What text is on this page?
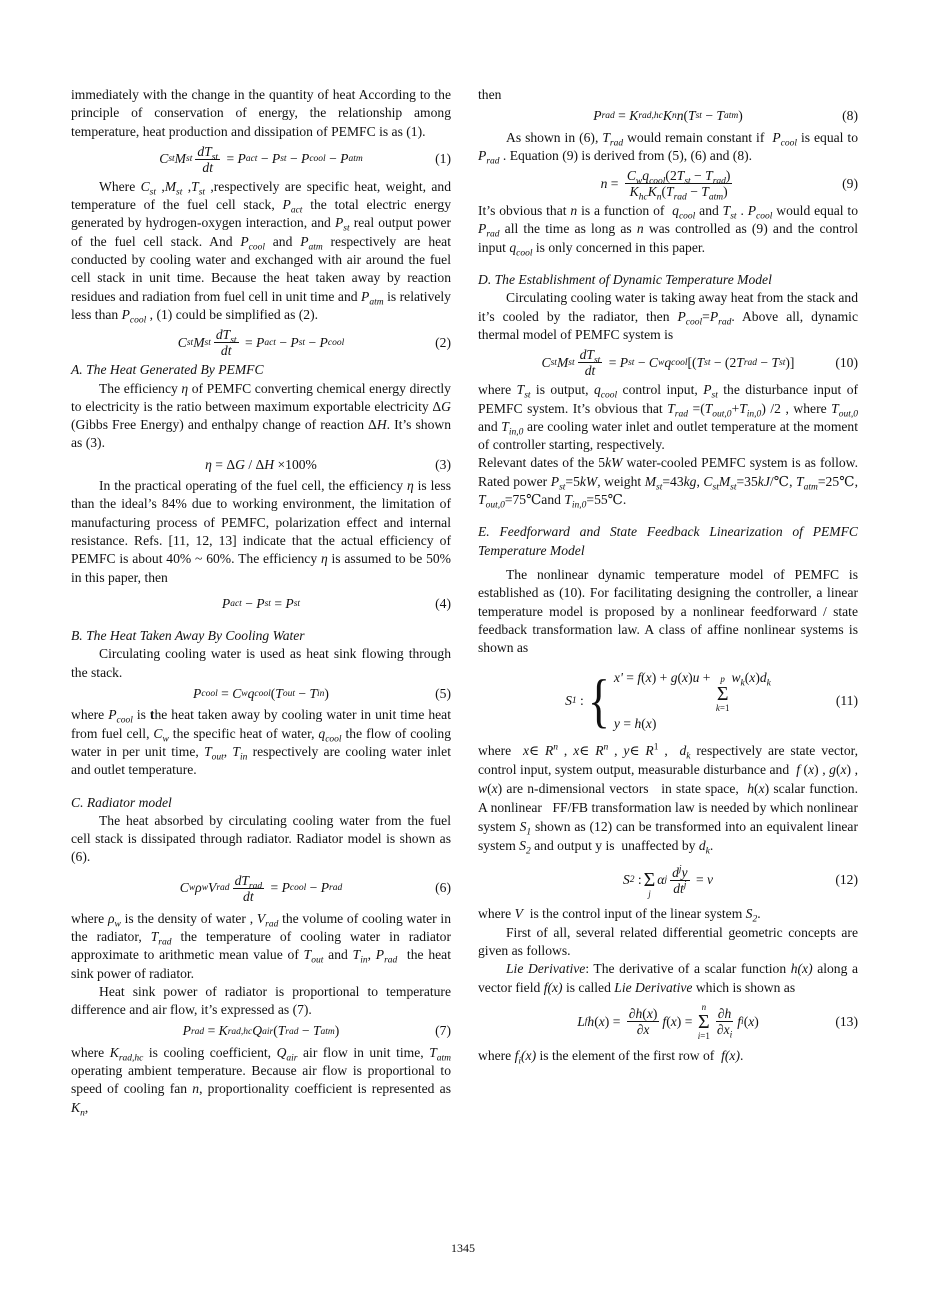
immediately with the change in the quantity of heat According to the principle of conservation of energy, the relationship among temperature, heat production and dissipation of PEMFC is as (1).

C st M st $\frac{dT_{st}}{dt} = P$ act − P st − P cool − P atm	(1)

Where $C_{st}$ $,M_{st}$ $,T_{st}$ ,respectively are specific heat, weight, and temperature of the fuel cell stack, $P_{act}$ the total electric energy generated by hydrogen-oxygen interaction, and $P_{st}$ real output power of the fuel cell stack. And $P_{cool}$ and $P_{atm}$ respectively are heat conducted by cooling water and exchanged with air around the fuel cell stack in unit time. Because the heat taken away by reaction residues and radiation from fuel cell in unit time and $P_{atm}$ is relatively less than $P_{cool}$ , (1) could be simplified as (2).

C st M st $\frac{dT_{st}}{dt} = P$ act − P st − P cool	(2)

A. The Heat Generated By PEMFC

The efficiency η of PEMFC converting chemical energy directly to electricity is the ratio between maximum exportable electricity ΔG (Gibbs Free Energy) and enthalpy change of reaction ΔH. It’s shown as (3).

η = Δ G / Δ H ×100%	(3)

In the practical operating of the fuel cell, the efficiency η is less than the ideal’s 84% due to working environment, the limitation of manufacturing process of PEMFC, polarization effect and internal resistance. Refs. [11, 12, 13] indicate that the actual efficiency of PEMFC is about 40% ~ 60%. The efficiency η is assumed to be 50% in this paper, then

P act − P st = P st	(4)

B. The Heat Taken Away By Cooling Water

Circulating cooling water is used as heat sink flowing through the stack.

P cool = C w q cool ( T out − T in )	(5)

where $P_{cool}$ is the heat taken away by cooling water in unit time heat from fuel cell, $C_w$ the specific heat of water, $q_{cool}$ the flow of cooling water in per unit time, $T_{out}$, $T_{in}$ respectively are cooling water inlet and outlet temperature.

C. Radiator model

The heat absorbed by circulating cooling water from the fuel cell stack is dissipated through radiator. Radiator model is shown as (6).

C w ρ w V rad $\frac{dT_{rad}}{dt} = P$ cool − P rad	(6)

where $\rho_w$ is the density of water , $V_{rad}$ the volume of cooling water in the radiator, $T_{rad}$ the temperature of cooling water in radiator approximate to arithmetic mean value of $T_{out}$ and $T_{in}$, $P_{rad}$  the heat sink power of radiator.

Heat sink power of radiator is proportional to temperature difference and air flow, it’s expressed as (7).

P rad = K rad,hc Q air ( T rad − T atm )	(7)

where $K_{rad,hc}$ is cooling coefficient, $Q_{air}$ air flow in unit time, $T_{atm}$ operating ambient temperature. Because air flow is proportional to speed of cooling fan n, proportionality coefficient is represented as $K_n$,

then

P rad = K rad,hc K n n ( T st − T atm )	(8)

As shown in (6), $T_{rad}$ would remain constant if  $P_{cool}$ is equal to $P_{rad}$ . Equation (9) is derived from (5), (6) and (8).

$n = \frac{C_wq_{cool}(2T_{st} - T_{rad})}{K_{hc}K_n(T_{rad} - T_{atm})}$	(9)

It’s obvious that n is a function of  $q_{cool}$ and $T_{st}$ . $P_{cool}$ would equal to $P_{rad}$ all the time as long as n was controlled as (9) and the control input $q_{cool}$ is only concerned in this paper.

D. The Establishment of Dynamic Temperature Model

Circulating cooling water is taking away heat from the stack and it’s cooled by the radiator, then $P_{cool}=P_{rad}$. Above all, dynamic thermal model of PEMFC system is

C st M st $\frac{dT_{st}}{dt} = P$ st − C w q cool [( T st − (2 T rad − T st )]	(10)

where $T_{st}$ is output, $q_{cool}$ control input, $P_{st}$ the disturbance input of PEMFC system. It’s obvious that $T_{rad} =(T_{out,0}+T_{in,0})$ /2 , where $T_{out,0}$ and $T_{in,0}$ are cooling water inlet and outlet temperature at the moment of controller starting, respectively.

Relevant dates of the 5kW water-cooled PEMFC system is as follow. Rated power $P_{st}=5kW$, weight $M_{st}=43kg$, $C_{st}M_{st}=35kJ/℃$, $T_{atm}=25℃$, $T_{out,0}=75℃and$ $T_{in,0}=55℃$.

E. Feedforward and State Feedback Linearization of PEMFC Temperature Model

The nonlinear dynamic temperature model of PEMFC is established as (10). For facilitating designing the controller, a linear temperature model is proposed by a nonlinear feedforward / state feedback transformation law. A class of affine nonlinear systems is shown as

S 1 : { x' = f(x) + g(x)u + p
Σ
k=1
$w_k(x)d_k$
y = h(x)
(11)

where  x∈ $R^n$ , x∈ $R^n$ , y∈ $R^1$ ,  $d_k$ respectively are state vector, control input, system output, measurable disturbance and  f (x) , g(x) , w(x) are n-dimensional vectors   in state space,  h(x) scalar function. A nonlinear   FF/FB transformation law is needed by which nonlinear system $S_1$ shown as (12) can be transformed into an equivalent linear system $S_2$ and output y is  unaffected by $d_k$.

S 2 :
Σ
j
α j $\frac{d^jy}{dt^j} = v$	(12)

where V  is the control input of the linear system $S_2$.

First of all, several related differential geometric concepts are given as follows.

Lie Derivative: The derivative of a scalar function h(x) along a vector field f(x) is called Lie Derivative which is shown as

L f h ( x ) = $\frac{\partial h(x)}{\partial x}$ f ( x ) =
n
Σ
$i=1 \frac{\partial h}{\partial x_i}$ f i ( x )	(13)

where $f_i(x)$ is the element of the first row of  f(x).

1345
